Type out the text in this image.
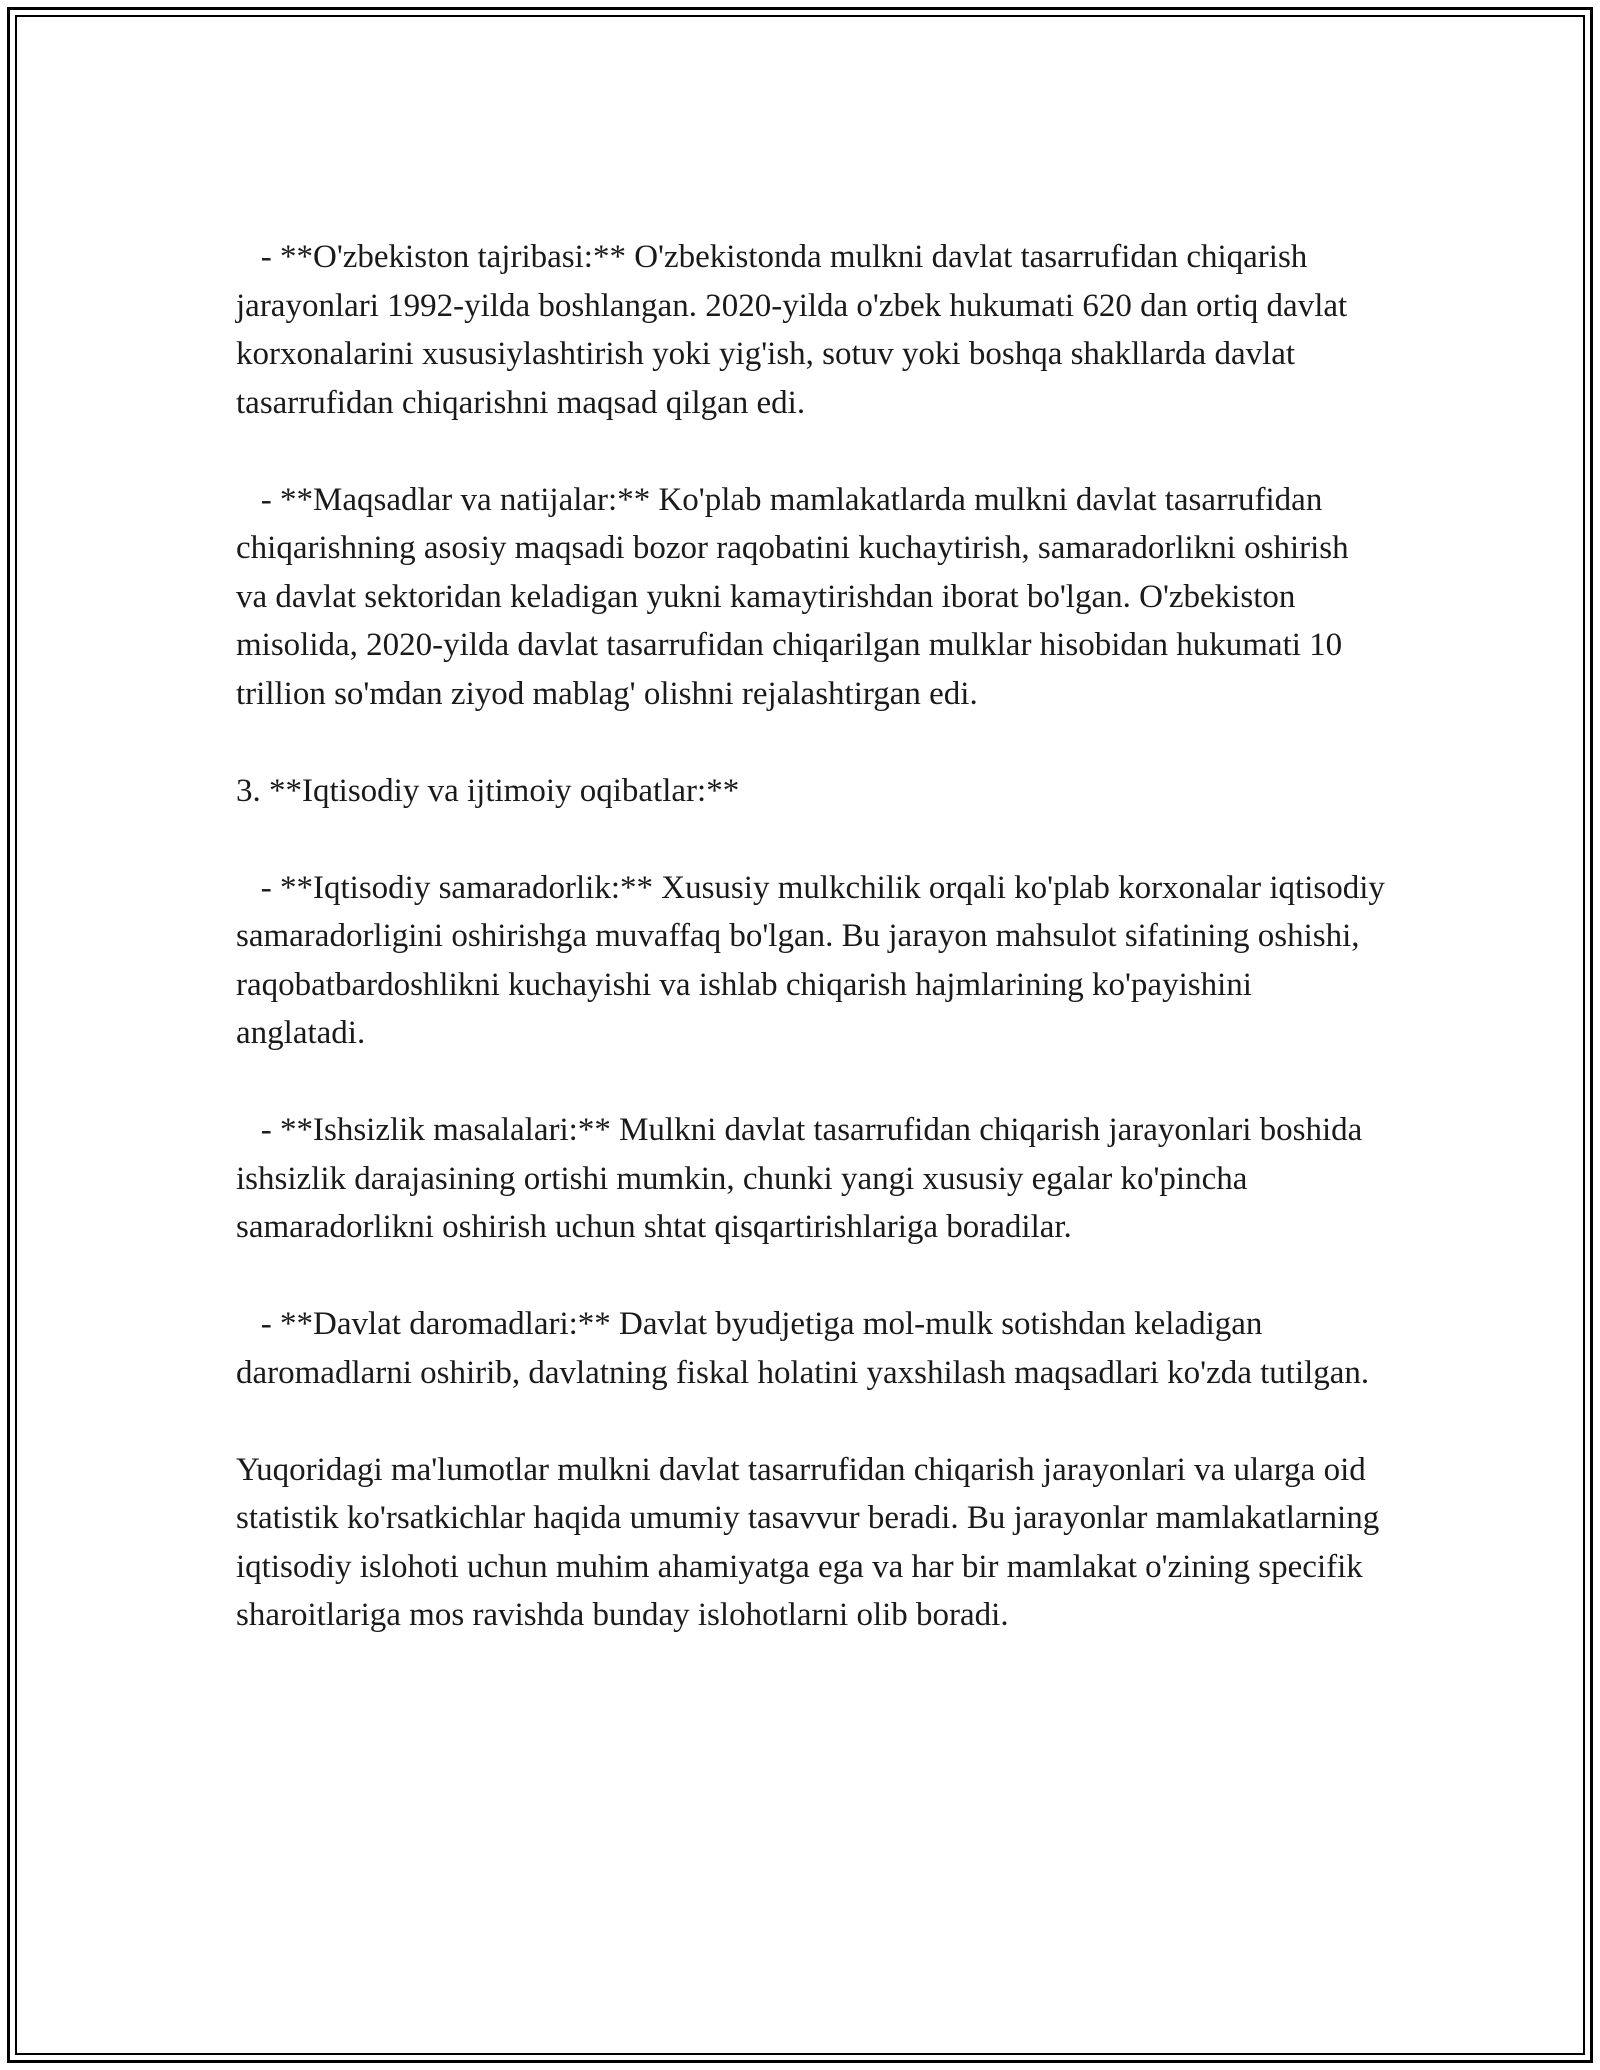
- **O'zbekiston tajribasi:** O'zbekistonda mulkni davlat tasarrufidan chiqarish jarayonlari 1992-yilda boshlangan. 2020-yilda o'zbek hukumati 620 dan ortiq davlat korxonalarini xususiylashtirish yoki yig'ish, sotuv yoki boshqa shakllarda davlat tasarrufidan chiqarishni maqsad qilgan edi.

- **Maqsadlar va natijalar:** Ko'plab mamlakatlarda mulkni davlat tasarrufidan chiqarishning asosiy maqsadi bozor raqobatini kuchaytirish, samaradorlikni oshirish va davlat sektoridan keladigan yukni kamaytirishdan iborat bo'lgan. O'zbekiston misolida, 2020-yilda davlat tasarrufidan chiqarilgan mulklar hisobidan hukumati 10 trillion so'mdan ziyod mablag' olishni rejalashtirgan edi.

3. **Iqtisodiy va ijtimoiy oqibatlar:**

- **Iqtisodiy samaradorlik:** Xususiy mulkchilik orqali ko'plab korxonalar iqtisodiy samaradorligini oshirishga muvaffaq bo'lgan. Bu jarayon mahsulot sifatining oshishi, raqobatbardoshlikni kuchayishi va ishlab chiqarish hajmlarining ko'payishini anglatadi.

- **Ishsizlik masalalari:** Mulkni davlat tasarrufidan chiqarish jarayonlari boshida ishsizlik darajasining ortishi mumkin, chunki yangi xususiy egalar ko'pincha samaradorlikni oshirish uchun shtat qisqartirishlariga boradilar.

- **Davlat daromadlari:** Davlat byudjetiga mol-mulk sotishdan keladigan daromadlarni oshirib, davlatning fiskal holatini yaxshilash maqsadlari ko'zda tutilgan.

Yuqoridagi ma'lumotlar mulkni davlat tasarrufidan chiqarish jarayonlari va ularga oid statistik ko'rsatkichlar haqida umumiy tasavvur beradi. Bu jarayonlar mamlakatlarning iqtisodiy islohoti uchun muhim ahamiyatga ega va har bir mamlakat o'zining specifik sharoitlariga mos ravishda bunday islohotlarni olib boradi.
